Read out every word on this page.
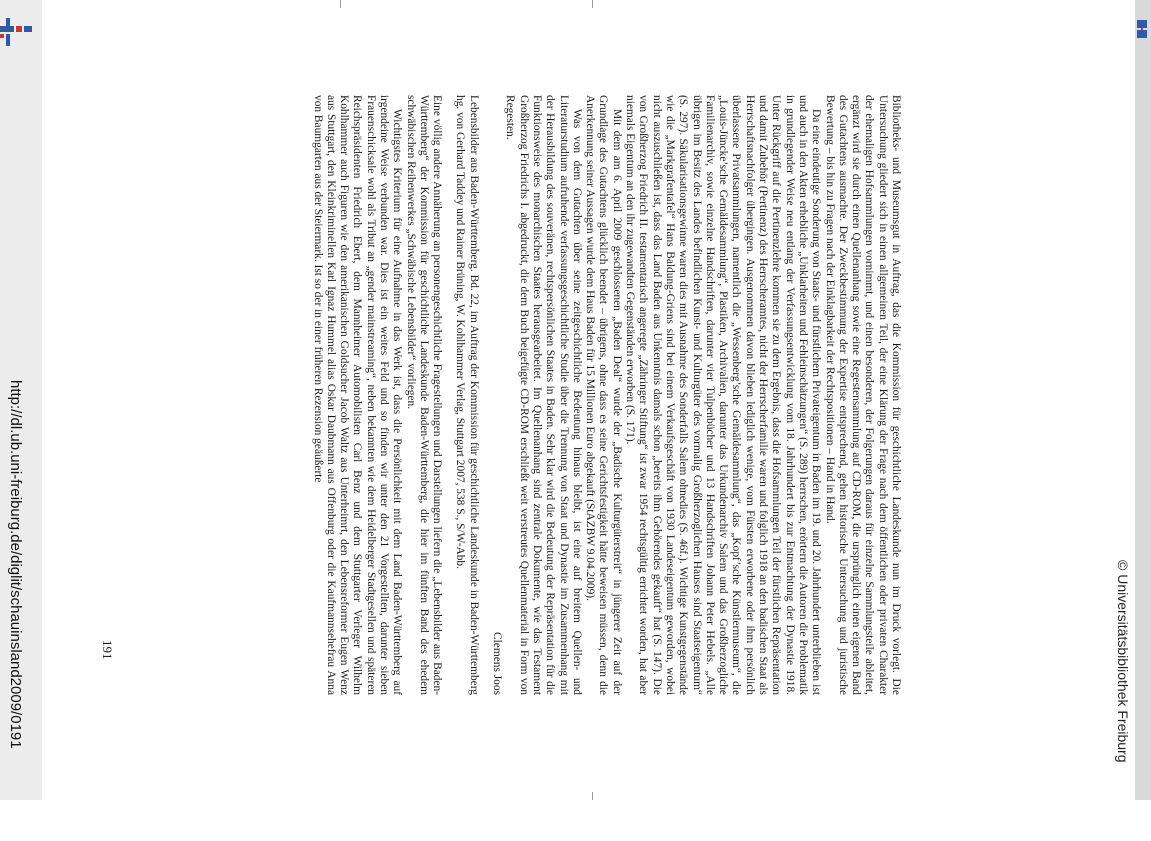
http://dl.ub.uni-freiburg.de/diglit/schauinsland2009/0191	© Universitätsbibliothek Freiburg

Bibliotheks- und Museumsgut in Auftrag, das die Kommission für geschichtliche Landeskunde nun im Druck vorlegt. Die Untersuchung gliedert sich in einen allgemeinen Teil, der eine Klärung der Frage nach dem öffentlichen oder privaten Charakter der ehemaligen Hofsammlungen vornimmt, und einen besonderen, der Folgerungen daraus für einzelne Sammlungsteile ableitet, ergänzt wird sie durch einen Quellenanhang sowie eine Regestensammlung auf CD-ROM, die ursprünglich einen eigenen Band des Gutachtens ausmachte. Der Zweckbestimmung der Expertise entsprechend, gehen historische Untersuchung und juristische Bewertung – bis hin zu Fragen nach der Einklagbarkeit der Rechtspositionen – Hand in Hand.

Da eine eindeutige Sonderung von Staats- und fürstlichem Privateigentum in Baden im 19. und 20. Jahrhundert unterblieben ist und auch in den Akten erhebliche „Unklarheiten und Fehleinschätzungen“ (S. 289) herrschen, erörtern die Autoren die Problematik in grundlegender Weise neu entlang der Verfassungsentwicklung vom 18. Jahrhundert bis zur Entmachtung der Dynastie 1918. Unter Rückgriff auf die Pertinenzlehre kommen sie zu dem Ergebnis, dass die Hofsammlungen Teil der fürstlichen Repräsentation und damit Zubehör (Pertinenz) des Herrscheramtes, nicht der Herrscherfamilie waren und folglich 1918 an den badischen Staat als Herrschaftsnachfolger übergingen. Ausgenommen davon blieben lediglich wenige, vom Fürsten erworbene oder ihm persönlich überlassene Privatsammlungen, namentlich die „Wessenberg’sche Gemäldesammlung“, das „Kopf’sche Künstlermuseum“, die „Louis-Jüncke’sche Gemäldesammlung“, Plastiken, Archivalien, darunter das Urkundenarchiv Salem und das Großherzogliche Familienarchiv, sowie einzelne Handschriften, darunter vier Tulpenbücher und 13 Handschriften Johann Peter Hebels. „Alle übrigen im Besitz des Landes befindlichen Kunst- und Kulturgüter des vormalig Großherzoglichen Hauses sind Staatseigentum“ (S. 297). Säkularisationsgewinne waren dies mit Ausnahme des Sonderfalls Salem ohnedies (S. 46f.). Wichtige Kunstgegenstände wie die „Markgrafentafel“ Hans Baldung-Griens sind bei einem Verkaufsgeschäft von 1930 Landeseigentum geworden, wobei nicht auszuschließen ist, dass das Land Baden aus Unkenntnis damals schon „bereits ihm Gehörendes gekauft“ hat (S. 147). Die von Großherzog Friedrich II. testamentarisch angeregte „Zähringer Stiftung“ ist zwar 1954 rechtsgültig errichtet worden, hat aber niemals Eigentum an den ihr zugewandten Gegenständen erworben (S. 171).

Mit dem am 6. April 2009 geschlossenen „Baden Deal“ wurde der „Badische Kulturgüterstreit“ in jüngerer Zeit auf der Grundlage des Gutachtens glücklich beendet – übrigens, ohne dass es seine Gerichtsfestigkeit hätte beweisen müssen, denn die Anerkennung seiner Aussagen wurde dem Haus Baden für 15 Millionen Euro abgekauft (StAZBW 9.04.2009).

Was von dem Gutachten über seine zeitgeschichtliche Bedeutung hinaus bleibt, ist eine auf breitem Quellen- und Literaturstudium aufruhende verfassungsgeschichtliche Studie über die Trennung von Staat und Dynastie im Zusammenhang mit der Herausbildung des souveränen, rechtspersönlichen Staates in Baden. Sehr klar wird die Bedeutung der Repräsentation für die Funktionsweise des monarchischen Staates herausgearbeitet. Im Quellenanhang sind zentrale Dokumente, wie das Testament Großherzog Friedrichs I. abgedruckt, die dem Buch beigefügte CD-ROM erschließt weit verstreutes Quellenmaterial in Form von Regesten.

Clemens Joos

Lebensbilder aus Baden-Württemberg. Bd. 22, im Auftrag der Kommission für geschichtliche Landeskunde in Baden-Württemberg hg. von Gerhard Taddey und Rainer Brüning, W. Kohlhammer Verlag, Stuttgart 2007, 538 S., S/W-Abb.

Eine völlig andere Annäherung an personengeschichtliche Fragestellungen und Darstellungen liefern die „Lebensbilder aus Baden-Württemberg“ der Kommission für geschichtliche Landeskunde Baden-Württemberg, die hier im fünften Band des ehedem schwäbischen Reihenwerkes „Schwäbische Lebensbilder“ vorliegen.

Wichtigstes Kriterium für eine Aufnahme in das Werk ist, dass die Persönlichkeit mit dem Land Baden-Württemberg auf irgendeine Weise verbunden war. Dies ist ein weites Feld und so finden wir unter den 21 Vorgestellten, darunter sieben Frauenschicksale wohl als Tribut an „gender mainstreaming“, neben bekannten wie dem Heidelberger Stadtgesellen und späteren Reichspräsidenten Friedrich Ebert, dem Mannheimer Automobilisten Carl Benz und dem Stuttgarter Verleger Wilhelm Kohlhammer auch Figuren wie den amerikanischen Goldsucher Jacob Waltz aus Unterheimrt, den Lebensreformer Eugen Wenz aus Stuttgart, den Kleinkriminellen Karl Ignaz Hummel alias Oskar Daubmann aus Offenburg oder die Kaufmannsehefrau Anna von Baumgarten aus der Steiermark. Ist so der in einer früheren Rezension geäußerte

191
